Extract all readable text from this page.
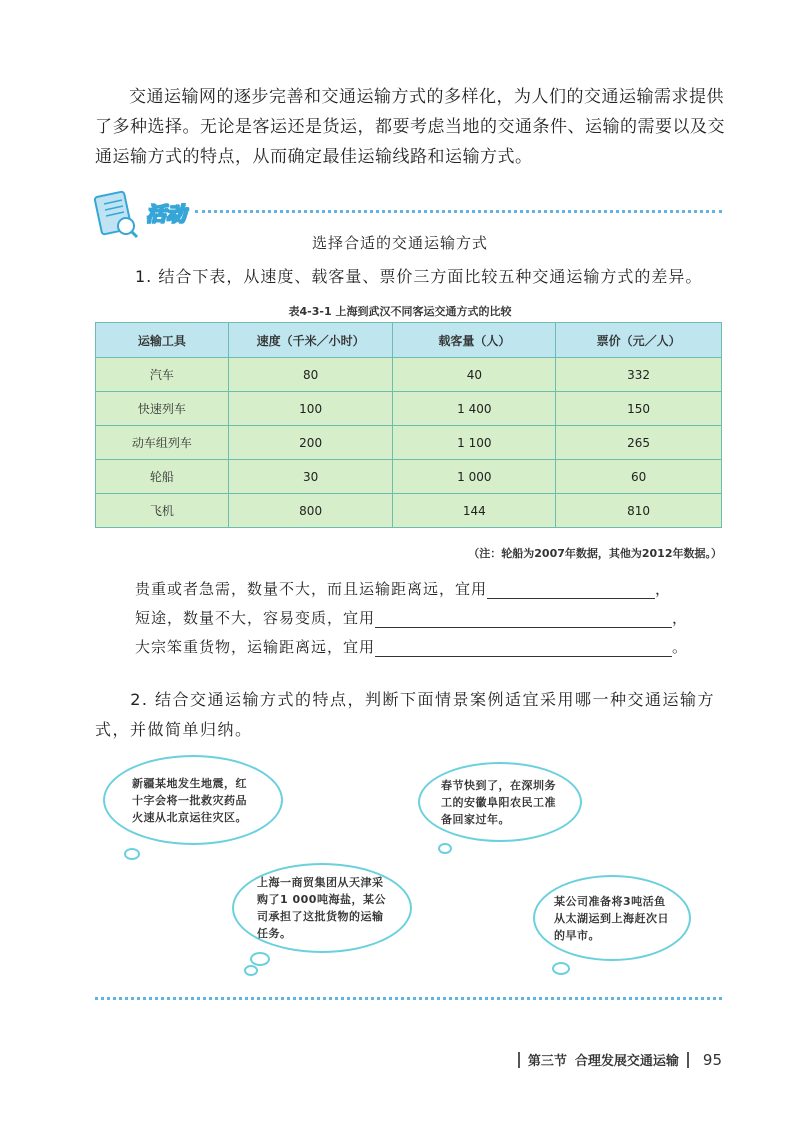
交通运输网的逐步完善和交通运输方式的多样化，为人们的交通运输需求提供了多种选择。无论是客运还是货运，都要考虑当地的交通条件、运输的需要以及交通运输方式的特点，从而确定最佳运输线路和运输方式。

活动
选择合适的交通运输方式
1. 结合下表，从速度、载客量、票价三方面比较五种交通运输方式的差异。
表4-3-1 上海到武汉不同客运交通方式的比较
运输工具	速度（千米／小时）	载客量（人）	票价（元／人）
汽车	80	40	332
快速列车	100	1 400	150
动车组列车	200	1 100	265
轮船	30	1 000	60
飞机	800	144	810
（注：轮船为2007年数据，其他为2012年数据。）
贵重或者急需，数量不大，而且运输距离远，宜用	，
短途，数量不大，容易变质，宜用	，
大宗笨重货物，运输距离远，宜用	。

2. 结合交通运输方式的特点，判断下面情景案例适宜采用哪一种交通运输方式，并做简单归纳。

新疆某地发生地震，红十字会将一批救灾药品火速从北京运往灾区。
春节快到了，在深圳务工的安徽阜阳农民工准备回家过年。
上海一商贸集团从天津采购了1 000吨海盐，某公司承担了这批货物的运输任务。
某公司准备将3吨活鱼从太湖运到上海赶次日的早市。
第三节 合理发展交通运输 95
